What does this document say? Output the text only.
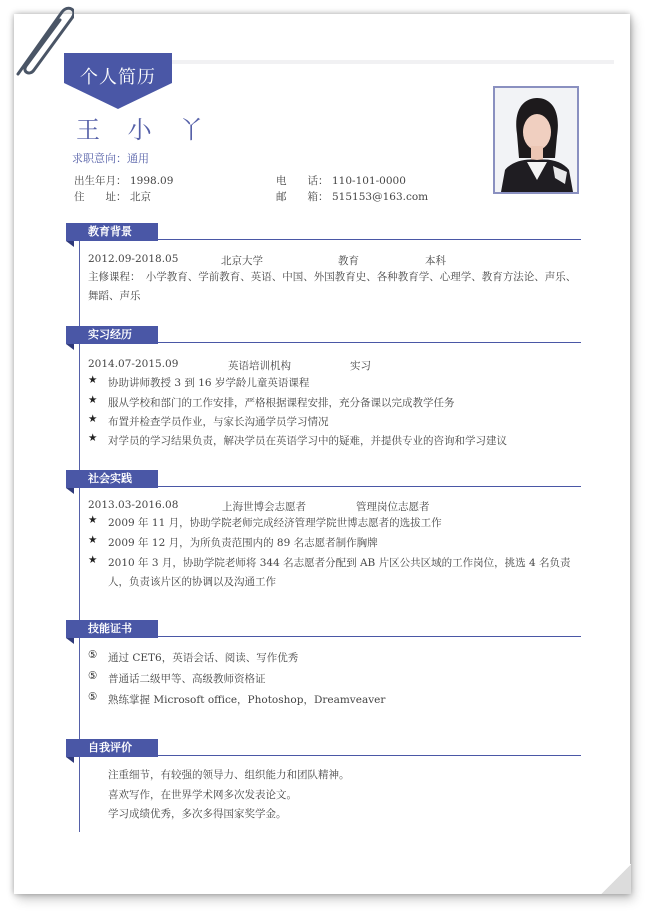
个人简历
王 小 丫
求职意向：通用
出生年月： 1998.09
住　　址： 北京
电　　话： 110-101-0000
邮　　箱： 515153@163.com
教育背景
2012.09-2018.05	北京大学	教育	本科
主修课程：　小学教育、学前教育、英语、中国、外国教育史、各种教育学、心理学、教育方法论、声乐、舞蹈、声乐
实习经历
2014.07-2015.09	英语培训机构	实习
★ 协助讲师教授 3 到 16 岁学龄儿童英语课程
★ 服从学校和部门的工作安排，严格根据课程安排，充分备课以完成教学任务
★ 布置并检查学员作业，与家长沟通学员学习情况
★ 对学员的学习结果负责，解决学员在英语学习中的疑难，并提供专业的咨询和学习建议
社会实践
2013.03-2016.08	上海世博会志愿者	管理岗位志愿者
★ 2009 年 11 月，协助学院老师完成经济管理学院世博志愿者的选拔工作
★ 2009 年 12 月，为所负责范围内的 89 名志愿者制作胸牌
★ 2010 年 3 月，协助学院老师将 344 名志愿者分配到 AB 片区公共区域的工作岗位，挑选 4 名负责人，负责该片区的协调以及沟通工作
技能证书
⑤ 通过 CET6，英语会话、阅读、写作优秀
⑤ 普通话二级甲等、高级教师资格证
⑤ 熟练掌握 Microsoft office，Photoshop，Dreamveaver
自我评价
注重细节，有较强的领导力、组织能力和团队精神。
喜欢写作，在世界学术网多次发表论文。
学习成绩优秀，多次多得国家奖学金。
